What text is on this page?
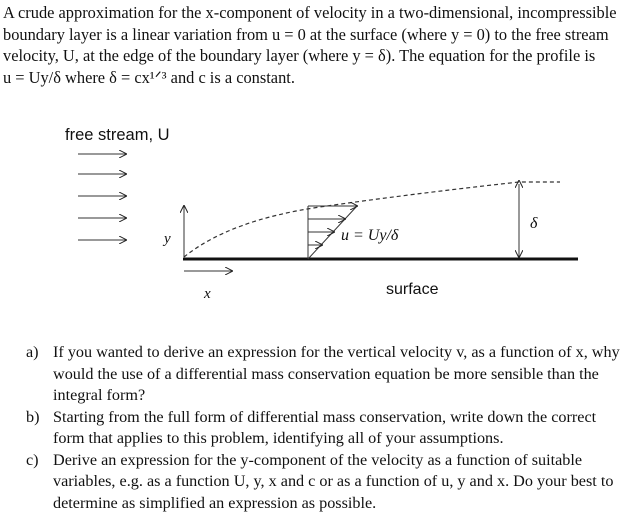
A crude approximation for the x-component of velocity in a two-dimensional, incompressible
boundary layer is a linear variation from u = 0 at the surface (where y = 0) to the free stream
velocity, U, at the edge of the boundary layer (where y = δ). The equation for the profile is
u = Uy/δ where δ = cx¹ᐟ³ and c is a constant.
free stream, U
y
x	surface
u = Uy/δ
δ
a) If you wanted to derive an expression for the vertical velocity v, as a function of x, why would the use of a differential mass conservation equation be more sensible than the integral form?
b) Starting from the full form of differential mass conservation, write down the correct form that applies to this problem, identifying all of your assumptions.
c) Derive an expression for the y-component of the velocity as a function of suitable variables, e.g. as a function U, y, x and c or as a function of u, y and x. Do your best to determine as simplified an expression as possible.
